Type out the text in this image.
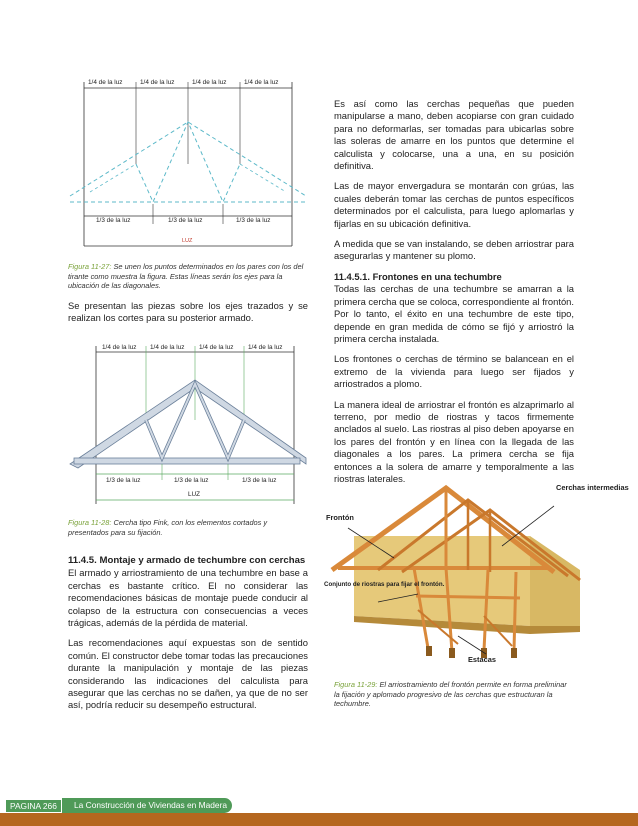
1/4 de la luz	1/4 de la luz	1/4 de la luz	1/4 de la luz
1/3 de la luz	1/3 de la luz	1/3 de la luz
LUZ
Figura 11-27: Se unen los puntos determinados en los pares con los del tirante como muestra la figura. Estas líneas serán los ejes para la ubicación de las diagonales.

Se presentan las piezas sobre los ejes trazados y se realizan los cortes para su posterior armado.

1/4 de la luz 1/4 de la luz 1/4 de la luz 1/4 de la luz
1/3 de la luz	1/3 de la luz	1/3 de la luz
LUZ
Figura 11-28: Cercha tipo Fink, con los elementos cortados y presentados para su fijación.

11.4.5. Montaje y armado de techumbre con cerchas

El armado y arriostramiento de una techumbre en base a cerchas es bastante crítico. El no considerar las recomendaciones básicas de montaje puede conducir al colapso de la estructura con consecuencias a veces trágicas, además de la pérdida de material.

Las recomendaciones aquí expuestas son de sentido común. El constructor debe tomar todas las precauciones durante la manipulación y montaje de las piezas considerando las indicaciones del calculista para asegurar que las cerchas no se dañen, ya que de no ser así, podría reducir su desempeño estructural.

Es así como las cerchas pequeñas que pueden manipularse a mano, deben acopiarse con gran cuidado para no deformarlas, ser tomadas para ubicarlas sobre las soleras de amarre en los puntos que determine el calculista y colocarse, una a una, en su posición definitiva.

Las de mayor envergadura se montarán con grúas, las cuales deberán tomar las cerchas de puntos específicos determinados por el calculista, para luego aplomarlas y fijarlas en su ubicación definitiva.

A medida que se van instalando, se deben arriostrar para asegurarlas y mantener su plomo.

11.4.5.1. Frontones en una techumbre

Todas las cerchas de una techumbre se amarran a la primera cercha que se coloca, correspondiente al frontón. Por lo tanto, el éxito en una techumbre de este tipo, depende en gran medida de cómo se fijó y arriostró la primera cercha instalada.

Los frontones o cerchas de término se balancean en el extremo de la vivienda para luego ser fijados y arriostrados a plomo.

La manera ideal de arriostrar el frontón es alzaprimarlo al terreno, por medio de riostras y tacos firmemente anclados al suelo. Las riostras al piso deben apoyarse en los pares del frontón y en línea con la llegada de las diagonales a los pares. La primera cercha se fija entonces a la solera de amarre y temporalmente a las riostras laterales.

Cerchas intermedias
Frontón
Conjunto de riostras para fijar el frontón.
Estacas
Figura 11-29: El arriostramiento del frontón permite en forma preliminar la fijación y aplomado progresivo de las cerchas que estructuran la techumbre.
PAGINA 266	La Construcción de Viviendas en Madera
